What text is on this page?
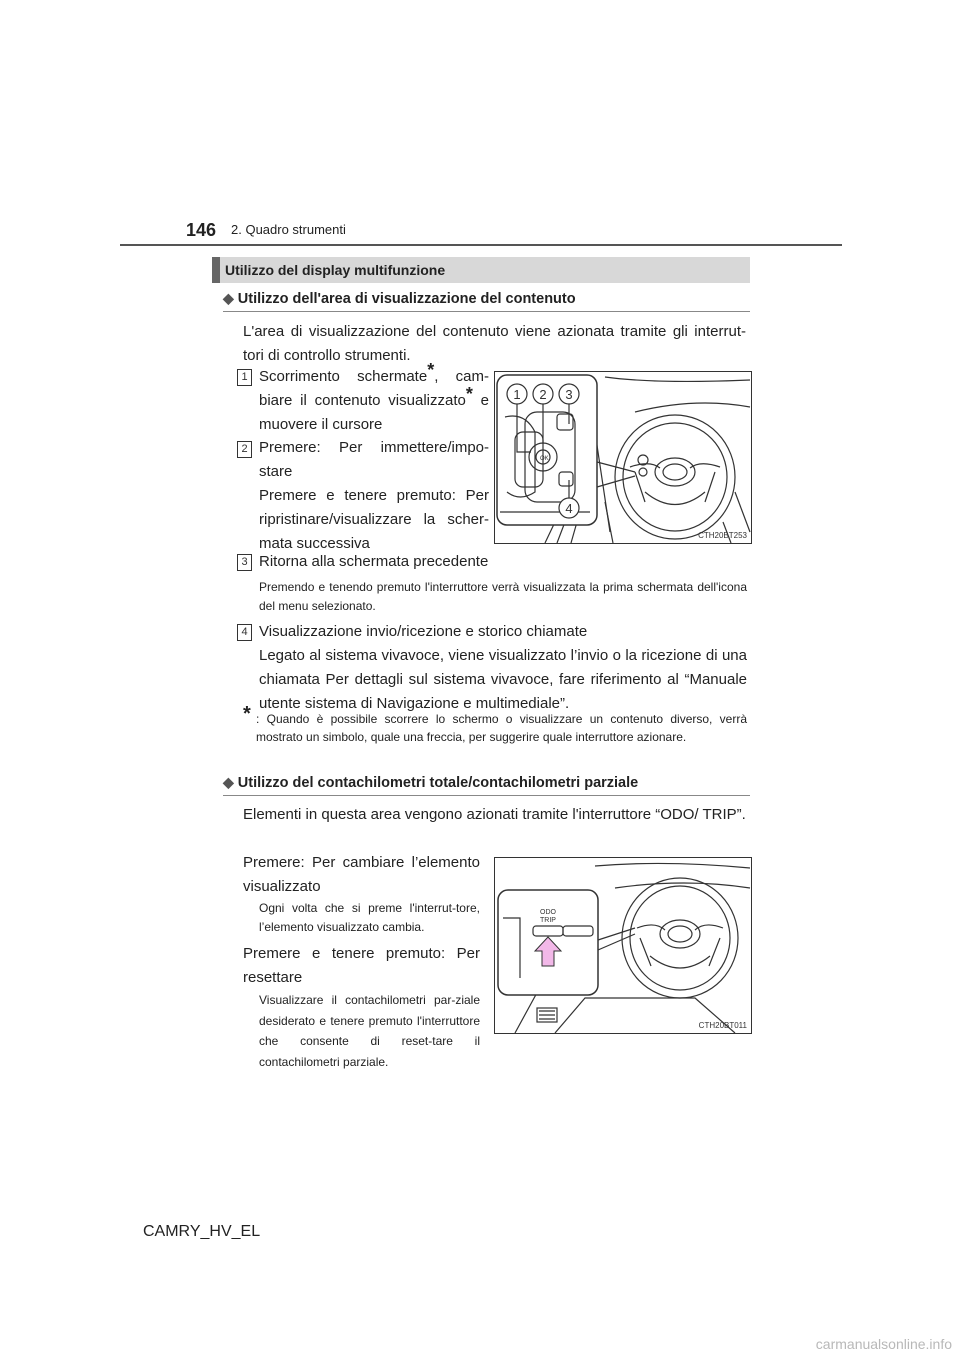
146 2. Quadro strumenti
Utilizzo del display multifunzione
◆ Utilizzo dell'area di visualizzazione del contenuto
L'area di visualizzazione del contenuto viene azionata tramite gli interrut-tori di controllo strumenti.
1 Scorrimento schermate*, cam-
biare il contenuto visualizzato* e
muovere il cursore
2 Premere: Per immettere/impo-stare
Premere e tenere premuto: Per ripristinare/visualizzare la scher-mata successiva
OK
1 2 3
4
CTH20BT253
3 Ritorna alla schermata precedente
Premendo e tenendo premuto l'interruttore verrà visualizzata la prima schermata dell'icona del menu selezionato.
4 Visualizzazione invio/ricezione e storico chiamate
Legato al sistema vivavoce, viene visualizzato l’invio o la ricezione di una chiamata Per dettagli sul sistema vivavoce, fare riferimento al “Manuale utente sistema di Navigazione e multimediale”.
* : Quando è possibile scorrere lo schermo o visualizzare un contenuto diverso, verrà mostrato un simbolo, quale una freccia, per suggerire quale interruttore azionare.
◆ Utilizzo del contachilometri totale/contachilometri parziale
Elementi in questa area vengono azionati tramite l'interruttore “ODO/ TRIP”.
Premere: Per cambiare l’elemento visualizzato
Ogni volta che si preme l'interrut-tore, l’elemento visualizzato cambia.
Premere e tenere premuto: Per resettare
Visualizzare il contachilometri par-ziale desiderato e tenere premuto l'interruttore che consente di reset-tare il contachilometri parziale.
ODO
TRIP
CTH20BT011
CAMRY_HV_EL
carmanualsonline.info
